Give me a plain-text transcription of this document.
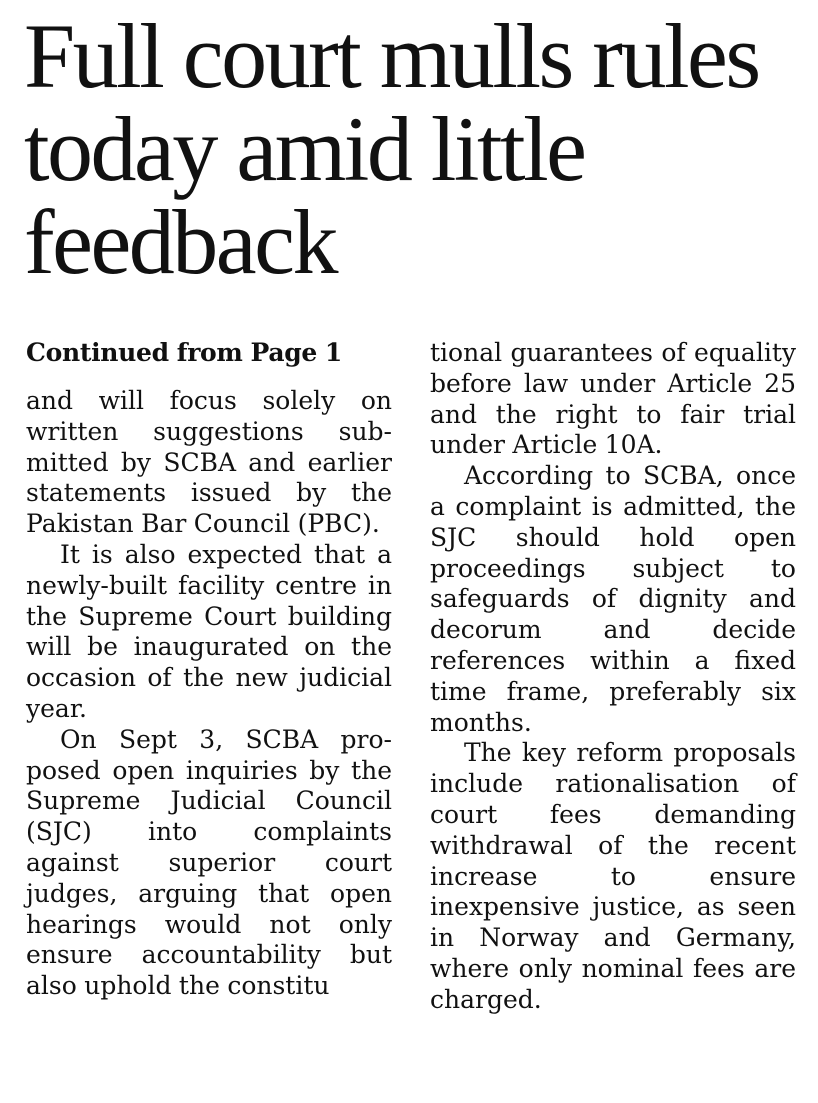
Full court mulls rules today amid little feedback

Continued from Page 1

and will focus solely on written suggestions submitted by SCBA and earlier statements issued by the Pakistan Bar Council (PBC).

It is also expected that a newly-built facility centre in the Supreme Court building will be inaugurated on the occasion of the new judicial year.

On Sept 3, SCBA proposed open inquiries by the Supreme Judicial Council (SJC) into complaints against superior court judges, arguing that open hearings would not only ensure accountability but also uphold the constitu

tional guarantees of equality before law under Article 25 and the right to fair trial under Article 10A.

According to SCBA, once a complaint is admitted, the SJC should hold open proceedings subject to safeguards of dignity and decorum and decide references within a fixed time frame, preferably six months.

The key reform proposals include rationalisation of court fees demanding withdrawal of the recent increase to ensure inexpensive justice, as seen in Norway and Germany, where only nominal fees are charged.
